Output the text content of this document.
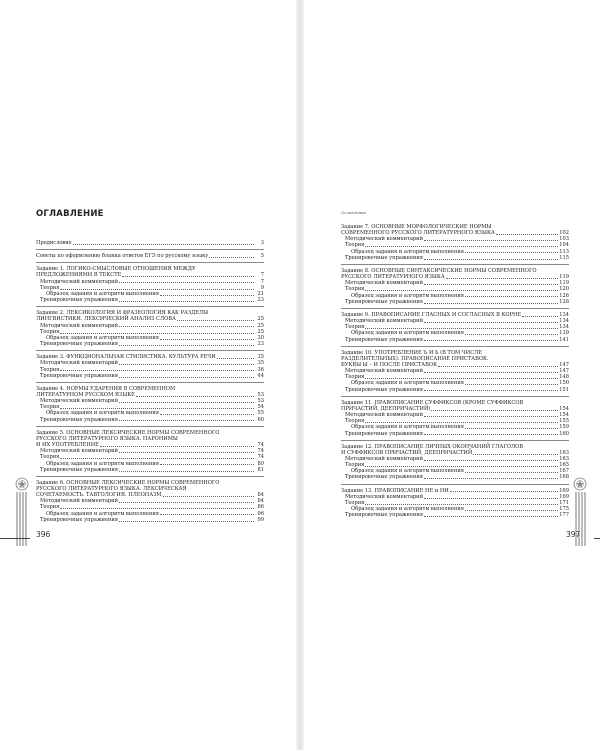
ОГЛАВЛЕНИЕ
Предисловие	3
Советы по оформлению бланка ответов ЕГЭ по русскому языку	5
Задание 1. ЛОГИКО-СМЫСЛОВЫЕ ОТНОШЕНИЯ МЕЖДУ
ПРЕДЛОЖЕНИЯМИ В ТЕКСТЕ	7
Методический комментарий	7
Теория	9
Образец задания и алгоритм выполнения	21
Тренировочные упражнения	23
Задание 2. ЛЕКСИКОЛОГИЯ И ФРАЗЕОЛОГИЯ КАК РАЗДЕЛЫ
ЛИНГВИСТИКИ. ЛЕКСИЧЕСКИЙ АНАЛИЗ СЛОВА	25
Методический комментарий	25
Теория	25
Образец задания и алгоритм выполнения	30
Тренировочные упражнения	33
Задание 3. ФУНКЦИОНАЛЬНАЯ СТИЛИСТИКА. КУЛЬТУРА РЕЧИ	35
Методический комментарий	35
Теория	36
Тренировочные упражнения	44
Задание 4. НОРМЫ УДАРЕНИЯ В СОВРЕМЕННОМ
ЛИТЕРАТУРНОМ РУССКОМ ЯЗЫКЕ	53
Методический комментарий	53
Теория	54
Образец задания и алгоритм выполнения	55
Тренировочные упражнения	60
Задание 5. ОСНОВНЫЕ ЛЕКСИЧЕСКИЕ НОРМЫ СОВРЕМЕННОГО
РУССКОГО ЛИТЕРАТУРНОГО ЯЗЫКА. ПАРОНИМЫ
И ИХ УПОТРЕБЛЕНИЕ	74
Методический комментарий	74
Теория	74
Образец задания и алгоритм выполнения	80
Тренировочные упражнения	81
Задание 6. ОСНОВНЫЕ ЛЕКСИЧЕСКИЕ НОРМЫ СОВРЕМЕННОГО
РУССКОГО ЛИТЕРАТУРНОГО ЯЗЫКА. ЛЕКСИЧЕСКАЯ
СОЧЕТАЕМОСТЬ. ТАВТОЛОГИЯ. ПЛЕОНАЗМ	84
Методический комментарий	84
Теория	86
Образец задания и алгоритм выполнения	96
Тренировочные упражнения	99
396
Оглавление
Задание 7. ОСНОВНЫЕ МОРФОЛОГИЧЕСКИЕ НОРМЫ
СОВРЕМЕННОГО РУССКОГО ЛИТЕРАТУРНОГО ЯЗЫКА	102
Методический комментарий	103
Теория	104
Образец задания и алгоритм выполнения	113
Тренировочные упражнения	115
Задание 8. ОСНОВНЫЕ СИНТАКСИЧЕСКИЕ НОРМЫ СОВРЕМЕННОГО
РУССКОГО ЛИТЕРАТУРНОГО ЯЗЫКА	119
Методический комментарий	119
Теория	120
Образец задания и алгоритм выполнения	126
Тренировочные упражнения	128
Задание 9. ПРАВОПИСАНИЕ ГЛАСНЫХ И СОГЛАСНЫХ В КОРНЕ	134
Методический комментарий	134
Теория	134
Образец задания и алгоритм выполнения	139
Тренировочные упражнения	141
Задание 10. УПОТРЕБЛЕНИЕ Ъ И Ь (В ТОМ ЧИСЛЕ
РАЗДЕЛИТЕЛЬНЫХ). ПРАВОПИСАНИЕ ПРИСТАВОК.
БУКВЫ Ы – И ПОСЛЕ ПРИСТАВОК	147
Методический комментарий	147
Теория	148
Образец задания и алгоритм выполнения	150
Тренировочные упражнения	151
Задание 11. ПРАВОПИСАНИЕ СУФФИКСОВ (КРОМЕ СУФФИКСОВ
ПРИЧАСТИЙ, ДЕЕПРИЧАСТИЙ)	154
Методический комментарий	154
Теория	155
Образец задания и алгоритм выполнения	159
Тренировочные упражнения	160
Задание 12. ПРАВОПИСАНИЕ ЛИЧНЫХ ОКОНЧАНИЙ ГЛАГОЛОВ
И СУФФИКСОВ ПРИЧАСТИЙ, ДЕЕПРИЧАСТИЙ	163
Методический комментарий	163
Теория	165
Образец задания и алгоритм выполнения	167
Тренировочные упражнения	168
Задание 13. ПРАВОПИСАНИЕ НЕ и НИ	169
Методический комментарий	169
Теория	171
Образец задания и алгоритм выполнения	175
Тренировочные упражнения	177
397
